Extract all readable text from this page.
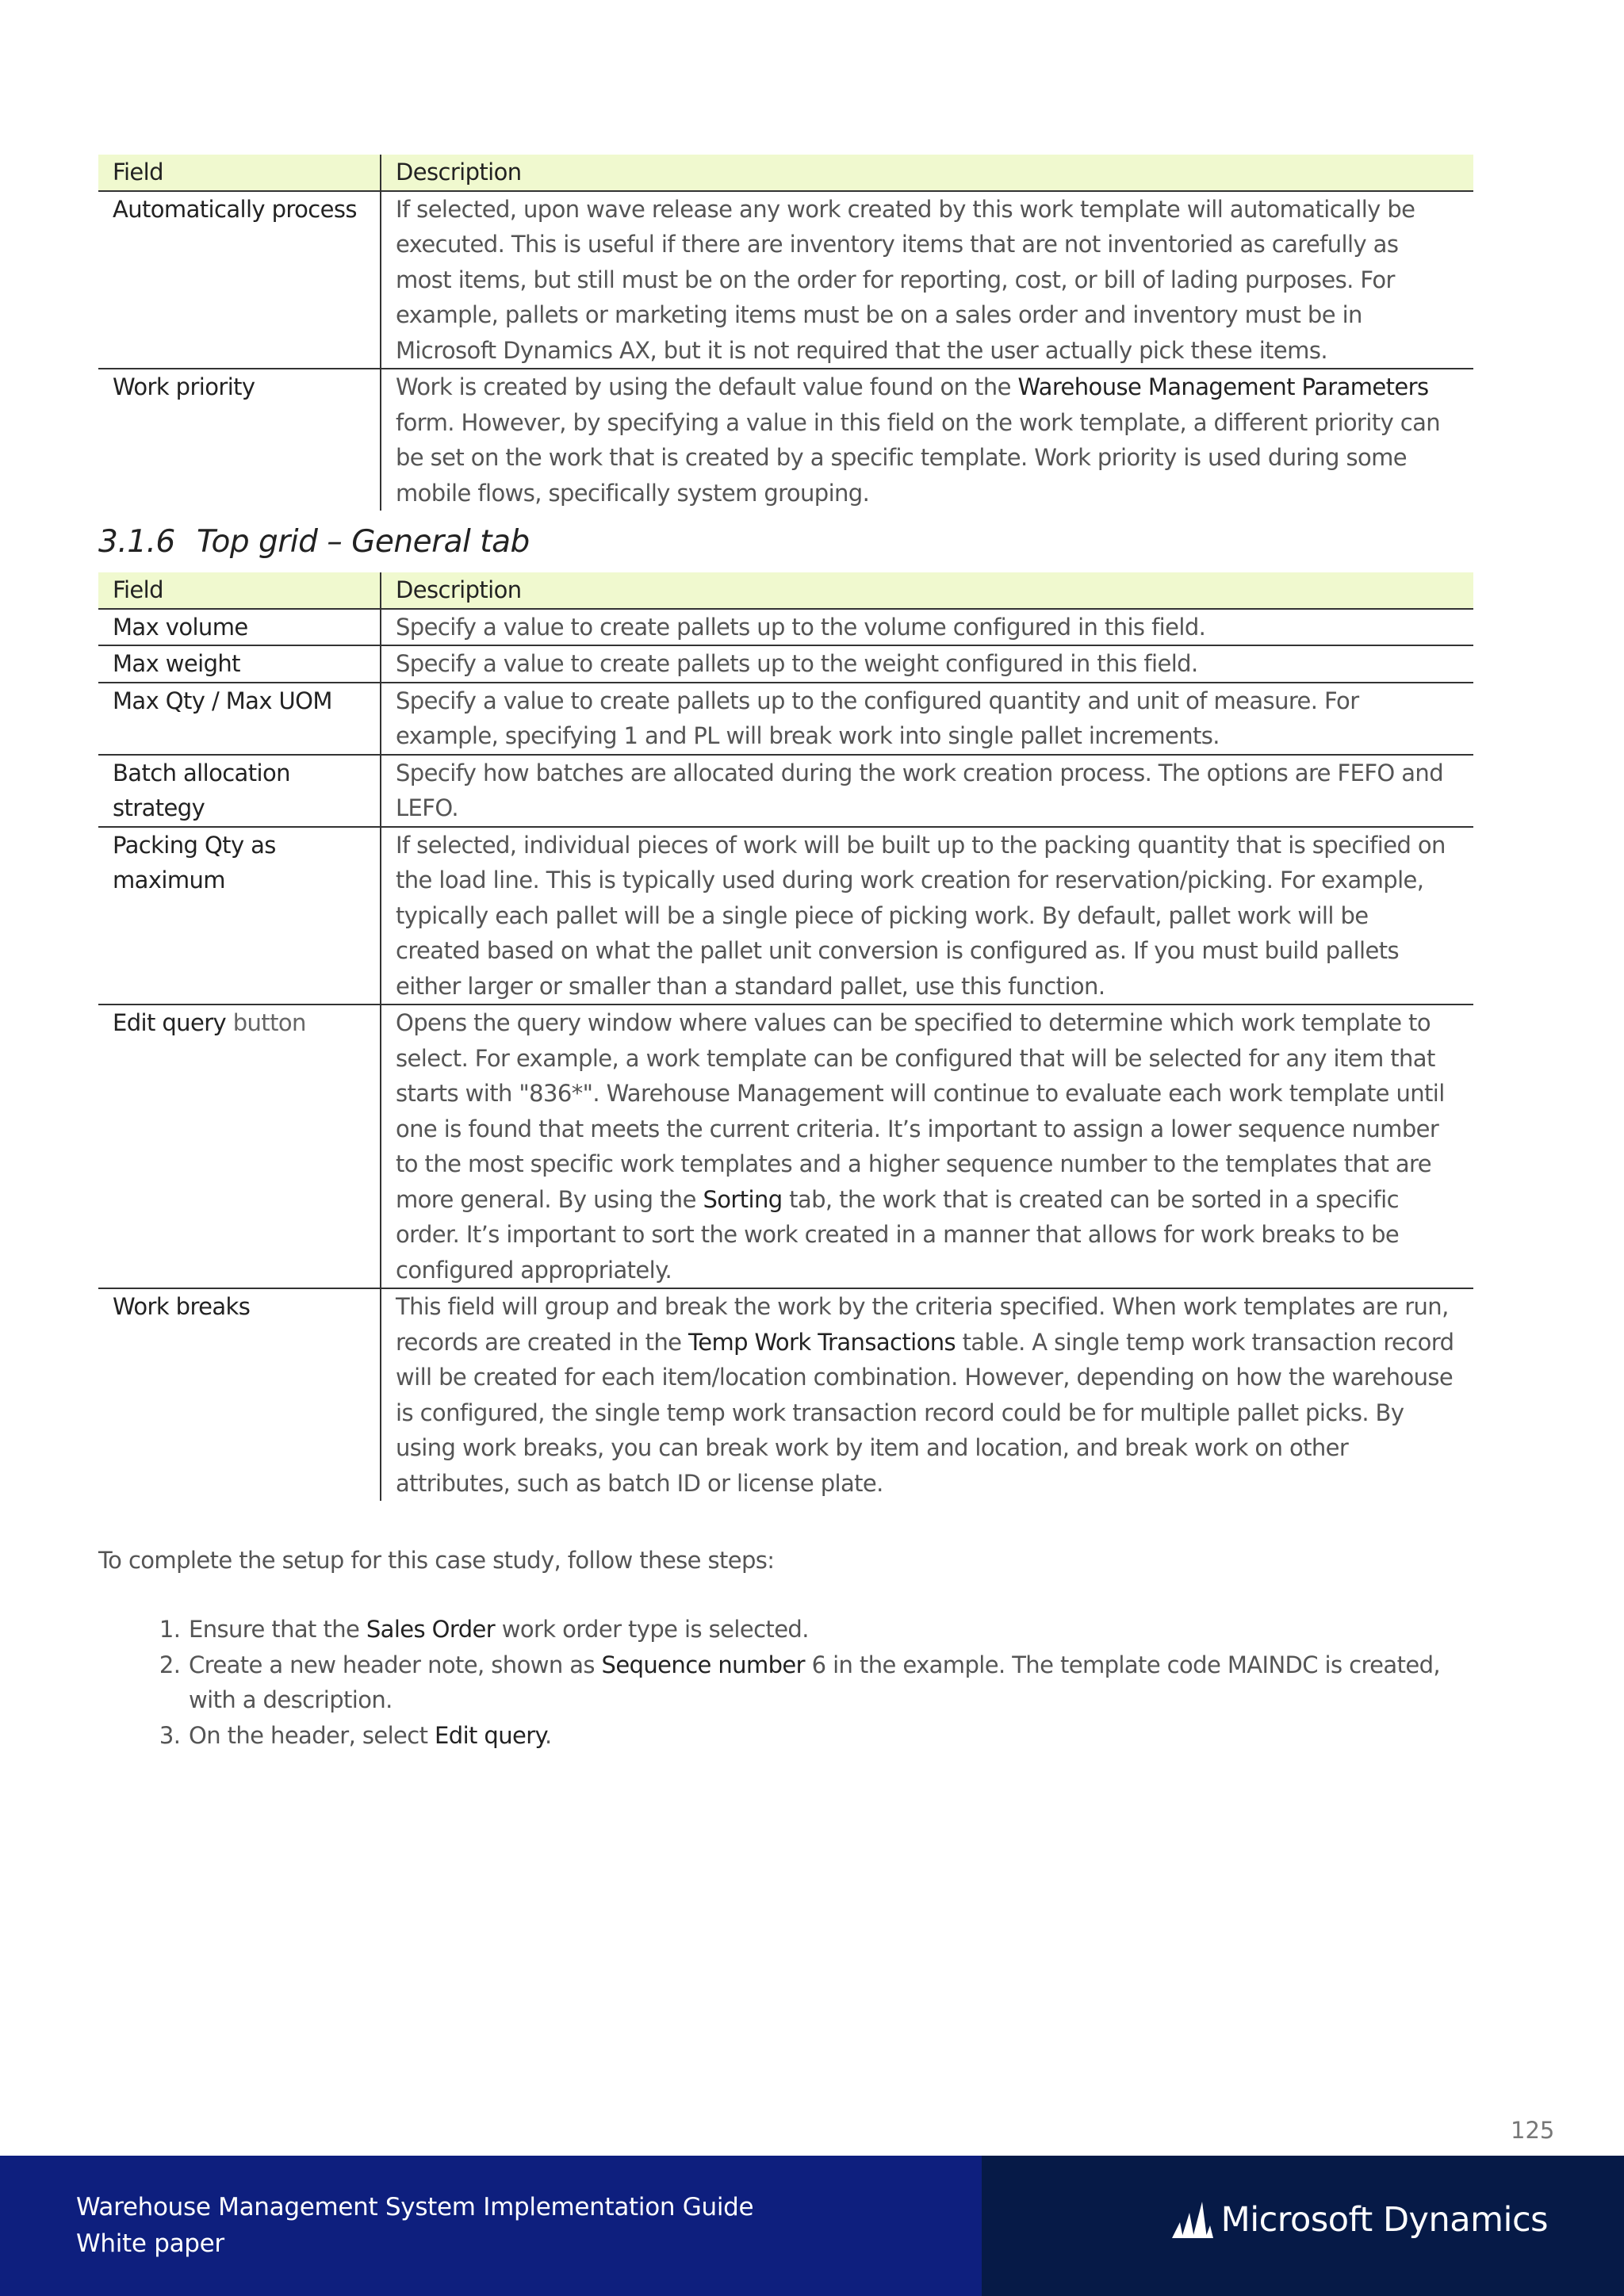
Field	Description
Automatically process	If selected, upon wave release any work created by this work template will automatically be executed. This is useful if there are inventory items that are not inventoried as carefully as most items, but still must be on the order for reporting, cost, or bill of lading purposes. For example, pallets or marketing items must be on a sales order and inventory must be in Microsoft Dynamics AX, but it is not required that the user actually pick these items.
Work priority	Work is created by using the default value found on the Warehouse Management Parameters form. However, by specifying a value in this field on the work template, a different priority can be set on the work that is created by a specific template. Work priority is used during some mobile flows, specifically system grouping.
3.1.6 Top grid – General tab
Field	Description
Max volume	Specify a value to create pallets up to the volume configured in this field.
Max weight	Specify a value to create pallets up to the weight configured in this field.
Max Qty / Max UOM	Specify a value to create pallets up to the configured quantity and unit of measure. For example, specifying 1 and PL will break work into single pallet increments.
Batch allocation strategy	Specify how batches are allocated during the work creation process. The options are FEFO and LEFO.
Packing Qty as maximum	If selected, individual pieces of work will be built up to the packing quantity that is specified on the load line. This is typically used during work creation for reservation/picking. For example, typically each pallet will be a single piece of picking work. By default, pallet work will be created based on what the pallet unit conversion is configured as. If you must build pallets either larger or smaller than a standard pallet, use this function.
Edit query button	Opens the query window where values can be specified to determine which work template to select. For example, a work template can be configured that will be selected for any item that starts with "836*". Warehouse Management will continue to evaluate each work template until one is found that meets the current criteria. It’s important to assign a lower sequence number to the most specific work templates and a higher sequence number to the templates that are more general. By using the Sorting tab, the work that is created can be sorted in a specific order. It’s important to sort the work created in a manner that allows for work breaks to be configured appropriately.
Work breaks	This field will group and break the work by the criteria specified. When work templates are run, records are created in the Temp Work Transactions table. A single temp work transaction record will be created for each item/location combination. However, depending on how the warehouse is configured, the single temp work transaction record could be for multiple pallet picks. By using work breaks, you can break work by item and location, and break work on other attributes, such as batch ID or license plate.

To complete the setup for this case study, follow these steps:

1. Ensure that the Sales Order work order type is selected.
2. Create a new header note, shown as Sequence number 6 in the example. The template code MAINDC is created, with a description.
3. On the header, select Edit query.
125
Warehouse Management System Implementation Guide
White paper
Microsoft Dynamics
